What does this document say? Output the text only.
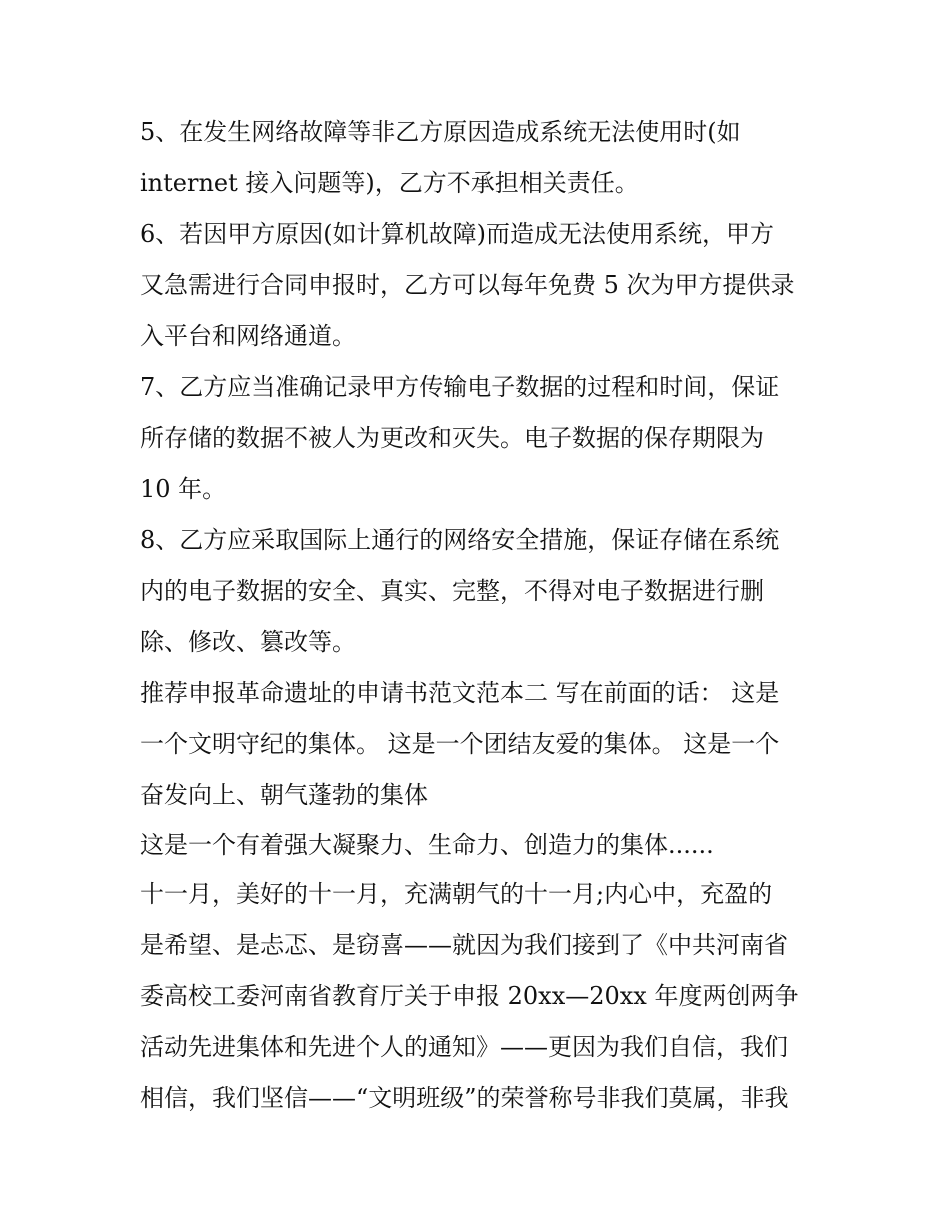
5、在发生网络故障等非乙方原因造成系统无法使用时(如
internet 接入问题等)，乙方不承担相关责任。
6、若因甲方原因(如计算机故障)而造成无法使用系统，甲方
又急需进行合同申报时，乙方可以每年免费 5 次为甲方提供录
入平台和网络通道。
7、乙方应当准确记录甲方传输电子数据的过程和时间，保证
所存储的数据不被人为更改和灭失。电子数据的保存期限为
10 年。
8、乙方应采取国际上通行的网络安全措施，保证存储在系统
内的电子数据的安全、真实、完整，不得对电子数据进行删
除、修改、篡改等。
推荐申报革命遗址的申请书范文范本二 写在前面的话： 这是
一个文明守纪的集体。 这是一个团结友爱的集体。 这是一个
奋发向上、朝气蓬勃的集体
这是一个有着强大凝聚力、生命力、创造力的集体......
十一月，美好的十一月，充满朝气的十一月;内心中，充盈的
是希望、是忐忑、是窃喜——就因为我们接到了《中共河南省
委高校工委河南省教育厅关于申报 20xx—20xx 年度两创两争
活动先进集体和先进个人的通知》——更因为我们自信，我们
相信，我们坚信——“文明班级”的荣誉称号非我们莫属，非我
